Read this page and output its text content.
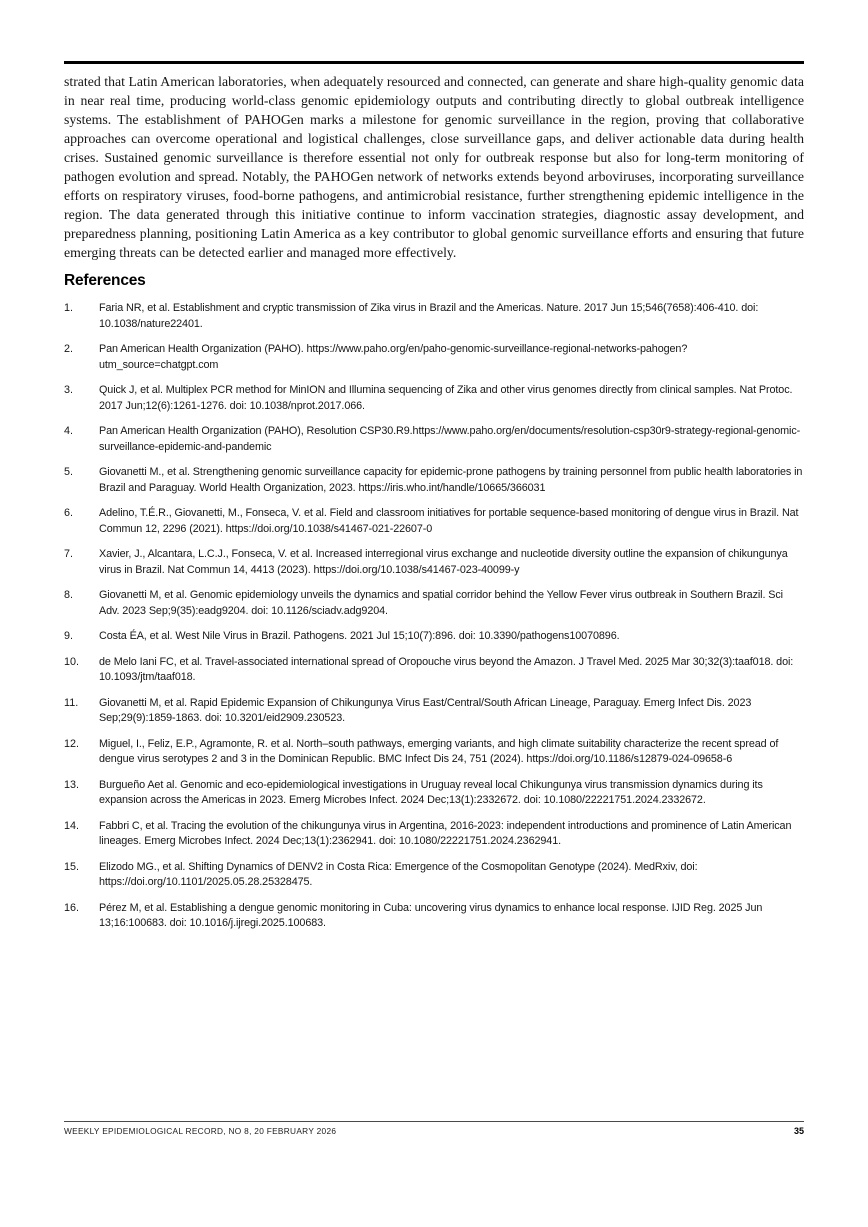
strated that Latin American laboratories, when adequately resourced and connected, can generate and share high-quality genomic data in near real time, producing world-class genomic epidemiology outputs and contributing directly to global outbreak intelligence systems. The establishment of PAHOGen marks a milestone for genomic surveillance in the region, proving that collaborative approaches can overcome operational and logistical challenges, close surveillance gaps, and deliver actionable data during health crises. Sustained genomic surveillance is therefore essential not only for outbreak response but also for long-term monitoring of pathogen evolution and spread. Notably, the PAHOGen network of networks extends beyond arboviruses, incorporating surveillance efforts on respiratory viruses, food-borne pathogens, and antimicrobial resistance, further strengthening epidemic intelligence in the region. The data generated through this initiative continue to inform vaccination strategies, diagnostic assay development, and preparedness planning, positioning Latin America as a key contributor to global genomic surveillance efforts and ensuring that future emerging threats can be detected earlier and managed more effectively.

References
1.	Faria NR, et al. Establishment and cryptic transmission of Zika virus in Brazil and the Americas. Nature. 2017 Jun 15;546(7658):406-410. doi: 10.1038/nature22401.
2.	Pan American Health Organization (PAHO). https://www.paho.org/en/paho-genomic-surveillance-regional-networks-pahogen?utm_source=chatgpt.com
3.	Quick J, et al. Multiplex PCR method for MinION and Illumina sequencing of Zika and other virus genomes directly from clinical samples. Nat Protoc. 2017 Jun;12(6):1261-1276. doi: 10.1038/nprot.2017.066.
4.	Pan American Health Organization (PAHO), Resolution CSP30.R9.https://www.paho.org/en/documents/resolution-csp30r9-strategy-regional-genomic-surveillance-epidemic-and-pandemic
5.	Giovanetti M., et al. Strengthening genomic surveillance capacity for epidemic-prone pathogens by training personnel from public health laboratories in Brazil and Paraguay. World Health Organization, 2023. https://iris.who.int/handle/10665/366031
6.	Adelino, T.É.R., Giovanetti, M., Fonseca, V. et al. Field and classroom initiatives for portable sequence-based monitoring of dengue virus in Brazil. Nat Commun 12, 2296 (2021). https://doi.org/10.1038/s41467-021-22607-0
7.	Xavier, J., Alcantara, L.C.J., Fonseca, V. et al. Increased interregional virus exchange and nucleotide diversity outline the expansion of chikungunya virus in Brazil. Nat Commun 14, 4413 (2023). https://doi.org/10.1038/s41467-023-40099-y
8.	Giovanetti M, et al. Genomic epidemiology unveils the dynamics and spatial corridor behind the Yellow Fever virus outbreak in Southern Brazil. Sci Adv. 2023 Sep;9(35):eadg9204. doi: 10.1126/sciadv.adg9204.
9.	Costa ÉA, et al. West Nile Virus in Brazil. Pathogens. 2021 Jul 15;10(7):896. doi: 10.3390/pathogens10070896.
10.	de Melo Iani FC, et al. Travel-associated international spread of Oropouche virus beyond the Amazon. J Travel Med. 2025 Mar 30;32(3):taaf018. doi: 10.1093/jtm/taaf018.
11.	Giovanetti M, et al. Rapid Epidemic Expansion of Chikungunya Virus East/Central/South African Lineage, Paraguay. Emerg Infect Dis. 2023 Sep;29(9):1859-1863. doi: 10.3201/eid2909.230523.
12.	Miguel, I., Feliz, E.P., Agramonte, R. et al. North–south pathways, emerging variants, and high climate suitability characterize the recent spread of dengue virus serotypes 2 and 3 in the Dominican Republic. BMC Infect Dis 24, 751 (2024). https://doi.org/10.1186/s12879-024-09658-6
13.	Burgueño Aet al. Genomic and eco-epidemiological investigations in Uruguay reveal local Chikungunya virus transmission dynamics during its expansion across the Americas in 2023. Emerg Microbes Infect. 2024 Dec;13(1):2332672. doi: 10.1080/22221751.2024.2332672.
14.	Fabbri C, et al. Tracing the evolution of the chikungunya virus in Argentina, 2016-2023: independent introductions and prominence of Latin American lineages. Emerg Microbes Infect. 2024 Dec;13(1):2362941. doi: 10.1080/22221751.2024.2362941.
15.	Elizodo MG., et al. Shifting Dynamics of DENV2 in Costa Rica: Emergence of the Cosmopolitan Genotype (2024). MedRxiv, doi: https://doi.org/10.1101/2025.05.28.25328475.
16.	Pérez M, et al. Establishing a dengue genomic monitoring in Cuba: uncovering virus dynamics to enhance local response. IJID Reg. 2025 Jun 13;16:100683. doi: 10.1016/j.ijregi.2025.100683.
WEEKLY EPIDEMIOLOGICAL RECORD, NO 8, 20 FEBRUARY 2026	35
